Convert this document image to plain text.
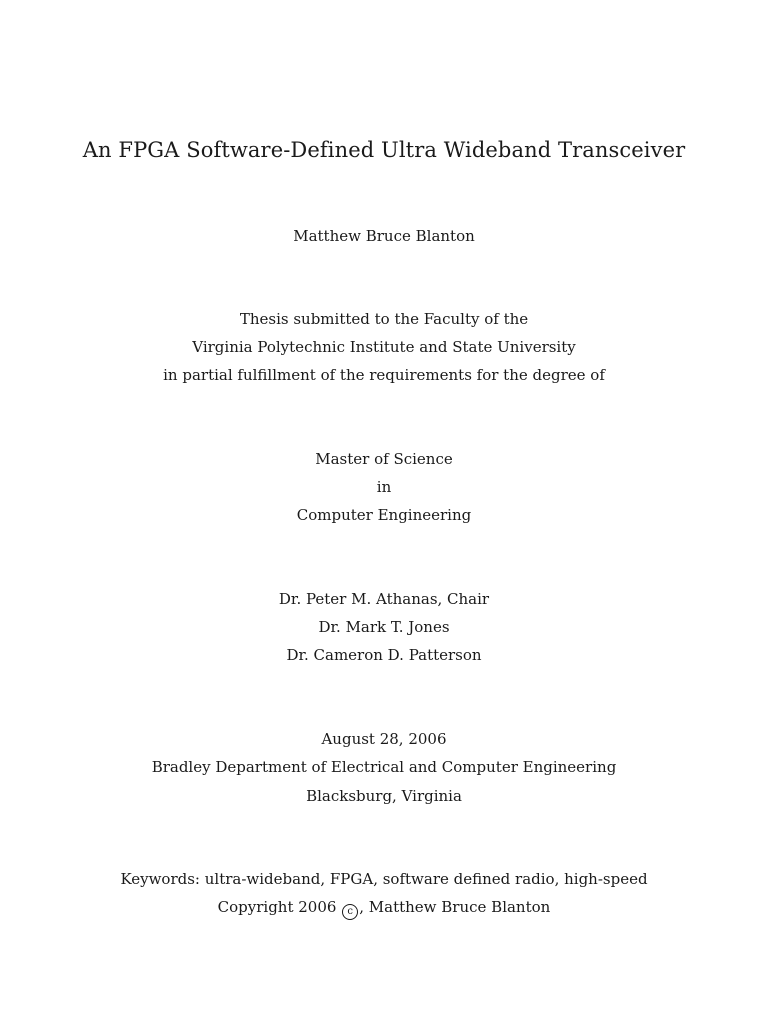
An FPGA Software-Defined Ultra Wideband Transceiver
Matthew Bruce Blanton
Thesis submitted to the Faculty of the
Virginia Polytechnic Institute and State University
in partial fulfillment of the requirements for the degree of
Master of Science
in
Computer Engineering
Dr. Peter M. Athanas, Chair
Dr. Mark T. Jones
Dr. Cameron D. Patterson
August 28, 2006
Bradley Department of Electrical and Computer Engineering
Blacksburg, Virginia
Keywords: ultra-wideband, FPGA, software defined radio, high-speed
Copyright 2006 c , Matthew Bruce Blanton
